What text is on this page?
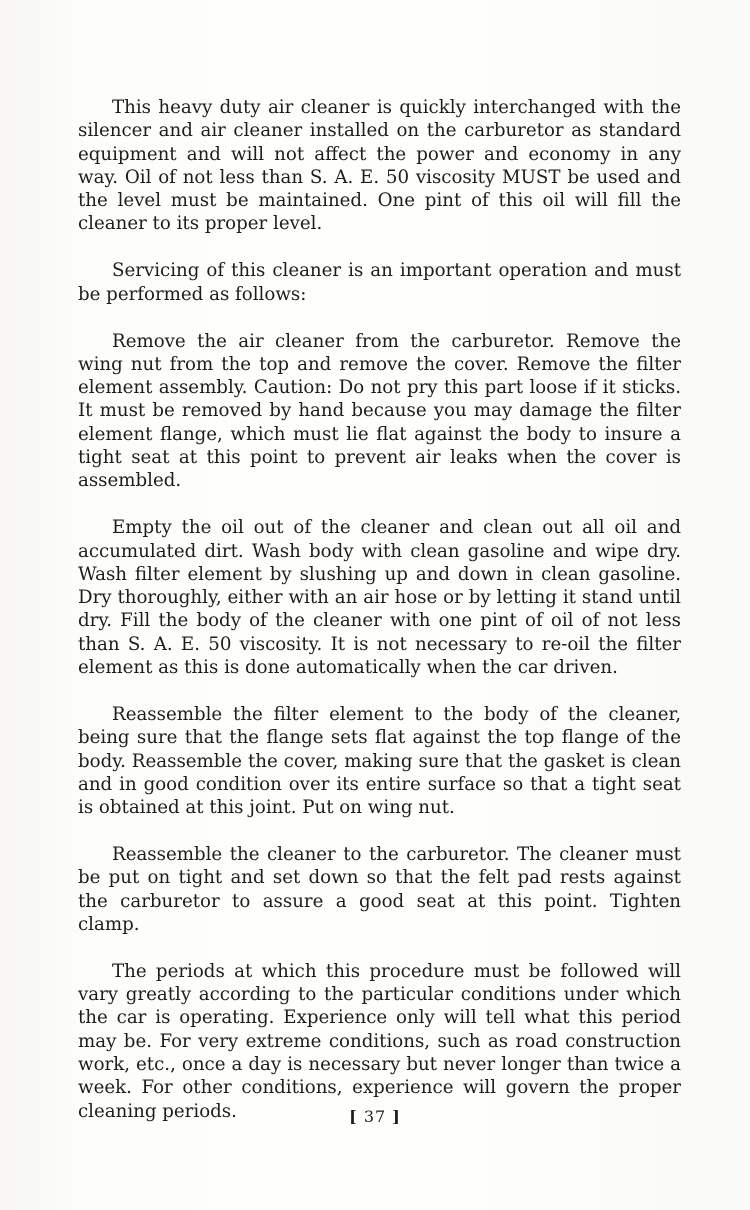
This heavy duty air cleaner is quickly interchanged with the silencer and air cleaner installed on the carburetor as standard equipment and will not affect the power and economy in any way. Oil of not less than S. A. E. 50 viscosity MUST be used and the level must be maintained. One pint of this oil will fill the cleaner to its proper level.

Servicing of this cleaner is an important operation and must be performed as follows:

Remove the air cleaner from the carburetor. Remove the wing nut from the top and remove the cover. Remove the filter element assembly. Caution: Do not pry this part loose if it sticks. It must be removed by hand because you may damage the filter element flange, which must lie flat against the body to insure a tight seat at this point to prevent air leaks when the cover is assembled.

Empty the oil out of the cleaner and clean out all oil and accumulated dirt. Wash body with clean gasoline and wipe dry. Wash filter element by slushing up and down in clean gasoline. Dry thoroughly, either with an air hose or by letting it stand until dry. Fill the body of the cleaner with one pint of oil of not less than S. A. E. 50 viscosity. It is not necessary to re-oil the filter element as this is done automatically when the car driven.

Reassemble the filter element to the body of the cleaner, being sure that the flange sets flat against the top flange of the body. Reassemble the cover, making sure that the gasket is clean and in good condition over its entire surface so that a tight seat is obtained at this joint. Put on wing nut.

Reassemble the cleaner to the carburetor. The cleaner must be put on tight and set down so that the felt pad rests against the carburetor to assure a good seat at this point. Tighten clamp.

The periods at which this procedure must be followed will vary greatly according to the particular conditions under which the car is operating. Experience only will tell what this period may be. For very extreme conditions, such as road construction work, etc., once a day is necessary but never longer than twice a week. For other conditions, experience will govern the proper cleaning periods.	[ 37 ]
